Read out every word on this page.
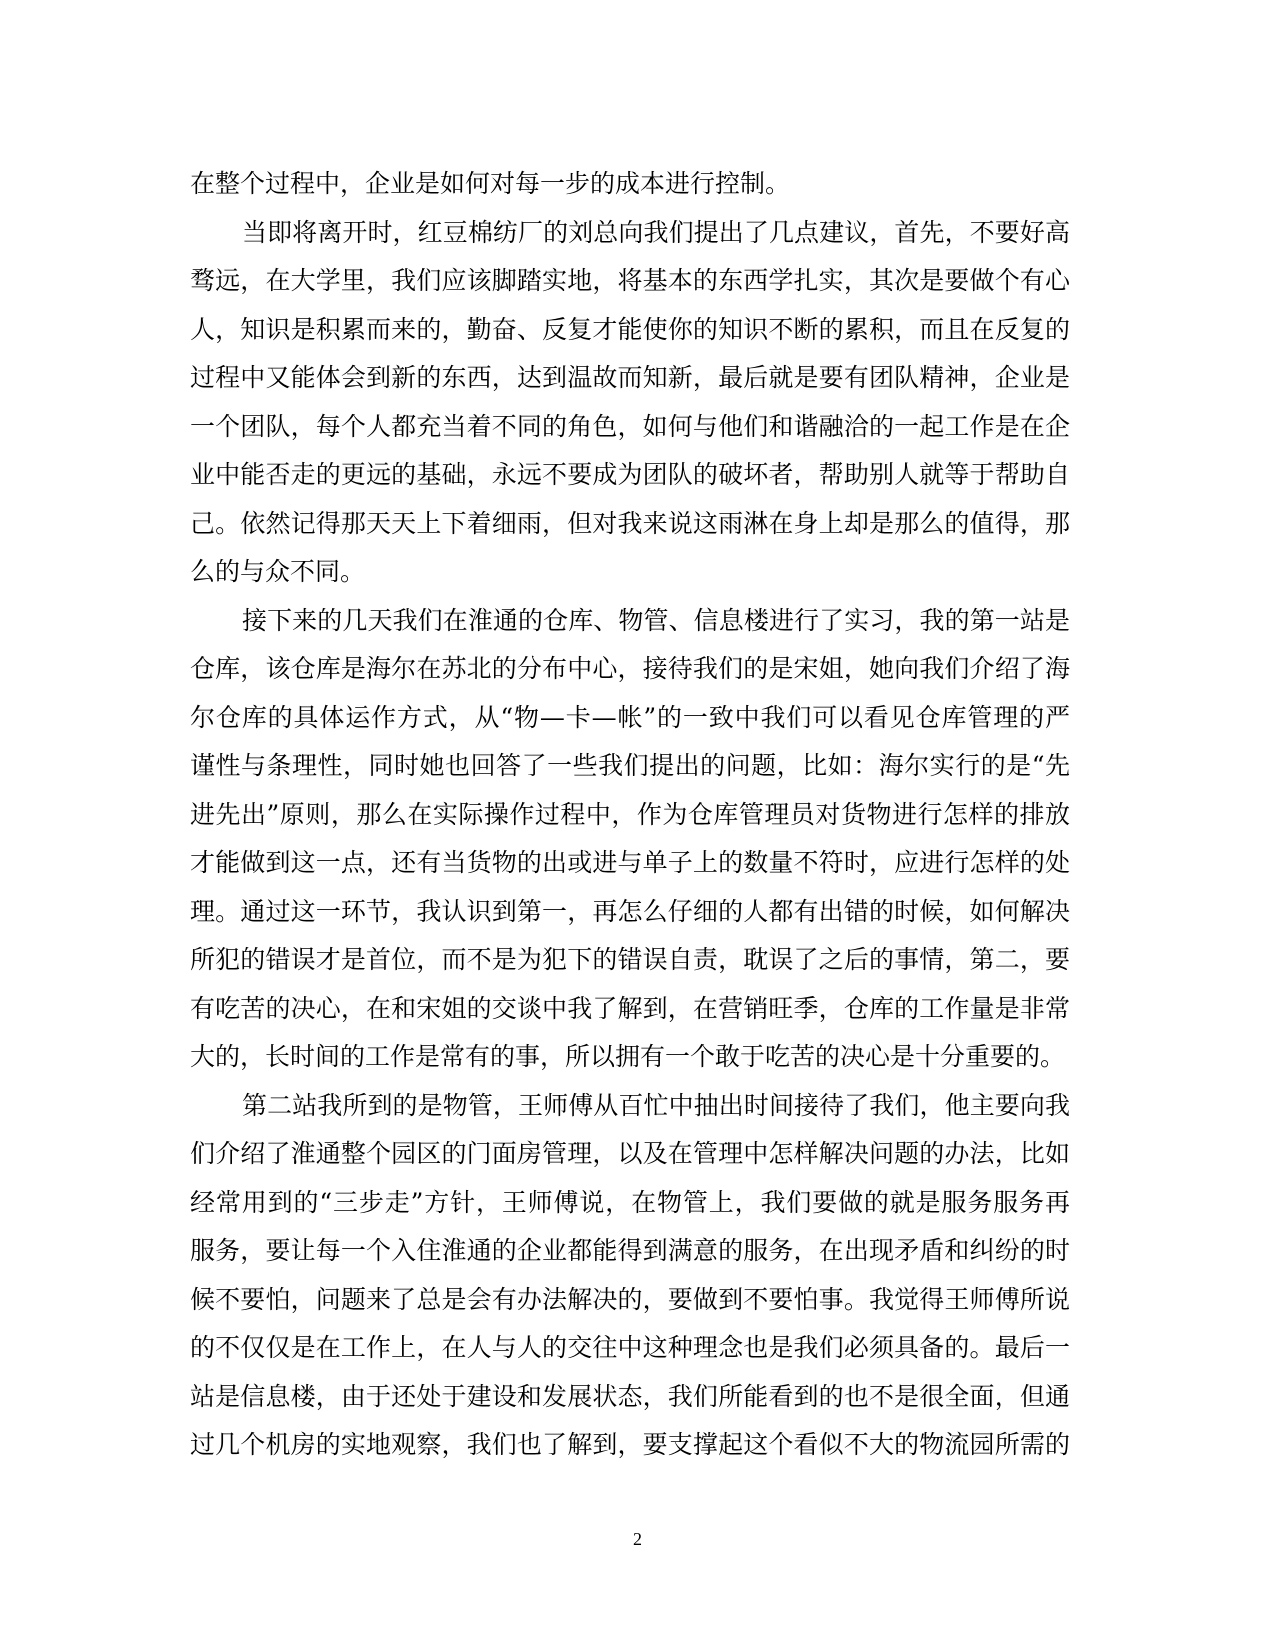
在整个过程中，企业是如何对每一步的成本进行控制。
当即将离开时，红豆棉纺厂的刘总向我们提出了几点建议，首先，不要好高
骛远，在大学里，我们应该脚踏实地，将基本的东西学扎实，其次是要做个有心
人，知识是积累而来的，勤奋、反复才能使你的知识不断的累积，而且在反复的
过程中又能体会到新的东西，达到温故而知新，最后就是要有团队精神，企业是
一个团队，每个人都充当着不同的角色，如何与他们和谐融洽的一起工作是在企
业中能否走的更远的基础，永远不要成为团队的破坏者，帮助别人就等于帮助自
己。依然记得那天天上下着细雨，但对我来说这雨淋在身上却是那么的值得，那
么的与众不同。
接下来的几天我们在淮通的仓库、物管、信息楼进行了实习，我的第一站是
仓库，该仓库是海尔在苏北的分布中心，接待我们的是宋姐，她向我们介绍了海
尔仓库的具体运作方式，从“物—卡—帐”的一致中我们可以看见仓库管理的严
谨性与条理性，同时她也回答了一些我们提出的问题，比如：海尔实行的是“先
进先出”原则，那么在实际操作过程中，作为仓库管理员对货物进行怎样的排放
才能做到这一点，还有当货物的出或进与单子上的数量不符时，应进行怎样的处
理。通过这一环节，我认识到第一，再怎么仔细的人都有出错的时候，如何解决
所犯的错误才是首位，而不是为犯下的错误自责，耽误了之后的事情，第二，要
有吃苦的决心，在和宋姐的交谈中我了解到，在营销旺季，仓库的工作量是非常
大的，长时间的工作是常有的事，所以拥有一个敢于吃苦的决心是十分重要的。
第二站我所到的是物管，王师傅从百忙中抽出时间接待了我们，他主要向我
们介绍了淮通整个园区的门面房管理，以及在管理中怎样解决问题的办法，比如
经常用到的“三步走”方针，王师傅说，在物管上，我们要做的就是服务服务再
服务，要让每一个入住淮通的企业都能得到满意的服务，在出现矛盾和纠纷的时
候不要怕，问题来了总是会有办法解决的，要做到不要怕事。我觉得王师傅所说
的不仅仅是在工作上，在人与人的交往中这种理念也是我们必须具备的。最后一
站是信息楼，由于还处于建设和发展状态，我们所能看到的也不是很全面，但通
过几个机房的实地观察，我们也了解到，要支撑起这个看似不大的物流园所需的
2
